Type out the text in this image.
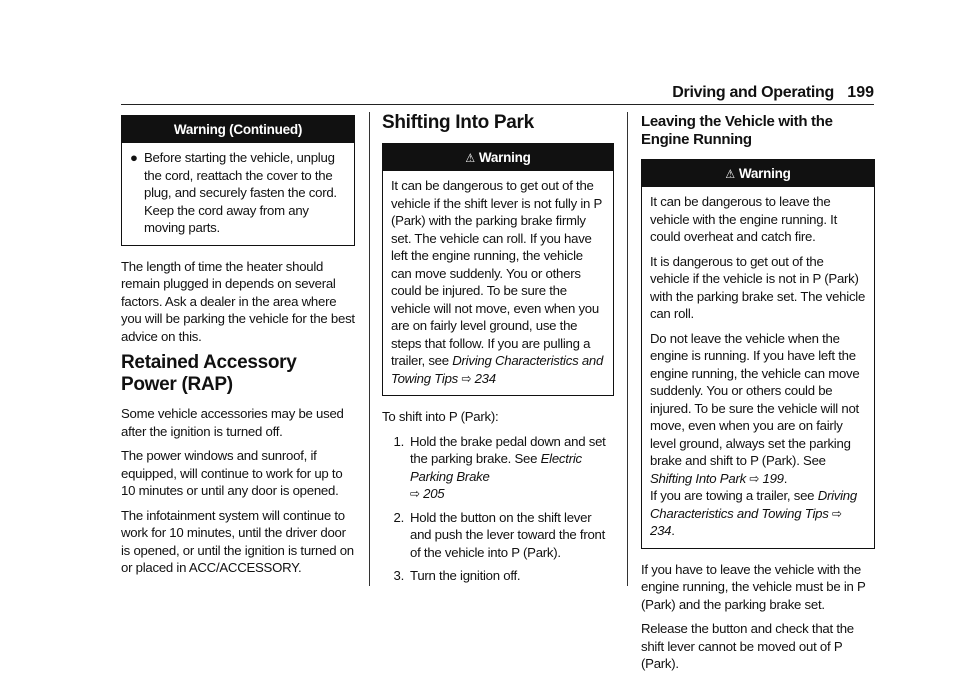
Driving and Operating 199
Warning (Continued)
● Before starting the vehicle, unplug the cord, reattach the cover to the plug, and securely fasten the cord. Keep the cord away from any moving parts.

The length of time the heater should remain plugged in depends on several factors. Ask a dealer in the area where you will be parking the vehicle for the best advice on this.

Retained Accessory Power (RAP)

Some vehicle accessories may be used after the ignition is turned off.

The power windows and sunroof, if equipped, will continue to work for up to 10 minutes or until any door is opened.

The infotainment system will continue to work for 10 minutes, until the driver door is opened, or until the ignition is turned on or placed in ACC/ACCESSORY.

Shifting Into Park
⚠ Warning

It can be dangerous to get out of the vehicle if the shift lever is not fully in P (Park) with the parking brake firmly set. The vehicle can roll. If you have left the engine running, the vehicle can move suddenly. You or others could be injured. To be sure the vehicle will not move, even when you are on fairly level ground, use the steps that follow. If you are pulling a trailer, see Driving Characteristics and Towing Tips ⇨ 234

To shift into P (Park):

1. Hold the brake pedal down and set the parking brake. See Electric Parking Brake
⇨ 205
2. Hold the button on the shift lever and push the lever toward the front of the vehicle into P (Park).
3. Turn the ignition off.
Leaving the Vehicle with the Engine Running
⚠ Warning

It can be dangerous to leave the vehicle with the engine running. It could overheat and catch fire.

It is dangerous to get out of the vehicle if the vehicle is not in P (Park) with the parking brake set. The vehicle can roll.

Do not leave the vehicle when the engine is running. If you have left the engine running, the vehicle can move suddenly. You or others could be injured. To be sure the vehicle will not move, even when you are on fairly level ground, always set the parking brake and shift to P (Park). See Shifting Into Park ⇨ 199.

If you are towing a trailer, see Driving Characteristics and Towing Tips ⇨ 234.

If you have to leave the vehicle with the engine running, the vehicle must be in P (Park) and the parking brake set.

Release the button and check that the shift lever cannot be moved out of P (Park).
